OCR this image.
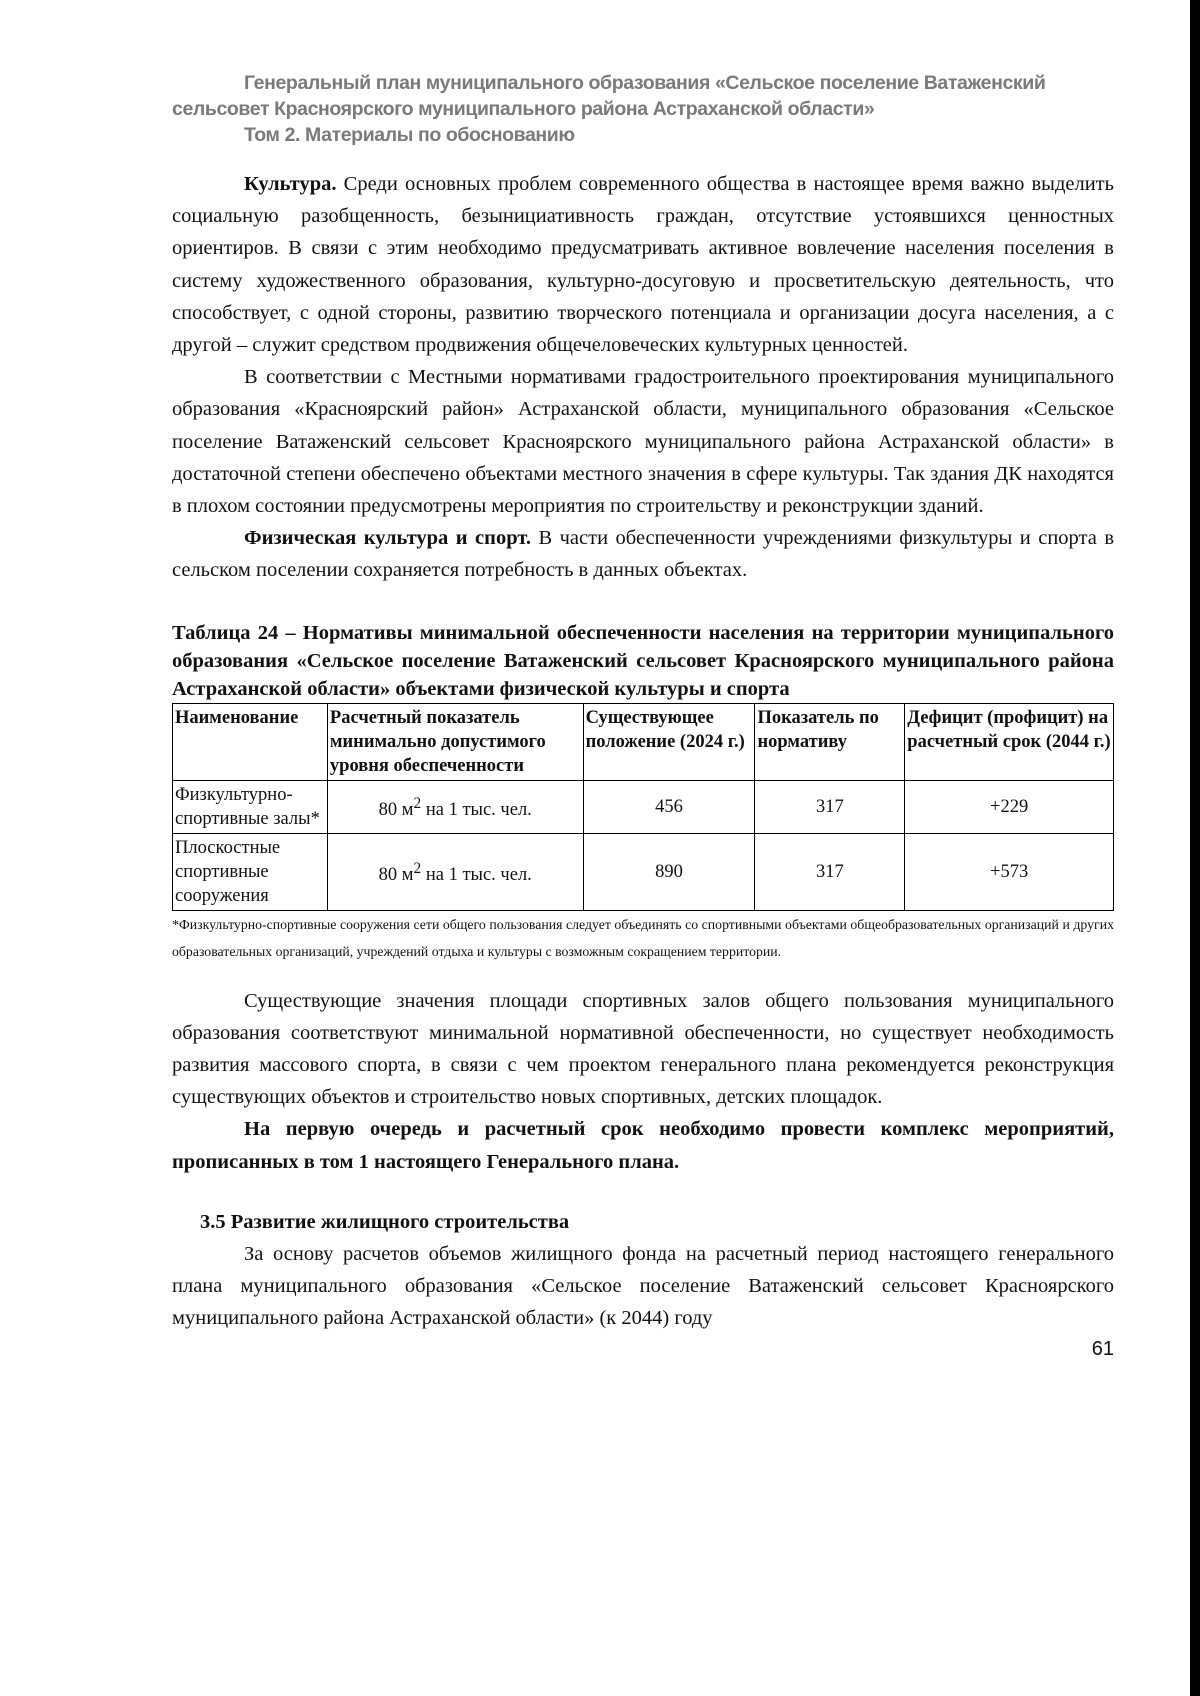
Генеральный план муниципального образования «Сельское поселение Ватаженский
сельсовет Красноярского муниципального района Астраханской области»
Том 2. Материалы по обоснованию

Культура. Среди основных проблем современного общества в настоящее время важно выделить социальную разобщенность, безынициативность граждан, отсутствие устоявшихся ценностных ориентиров. В связи с этим необходимо предусматривать активное вовлечение населения поселения в систему художественного образования, культурно-досуговую и просветительскую деятельность, что способствует, с одной стороны, развитию творческого потенциала и организации досуга населения, а с другой – служит средством продвижения общечеловеческих культурных ценностей.

В соответствии с Местными нормативами градостроительного проектирования муниципального образования «Красноярский район» Астраханской области, муниципального образования «Сельское поселение Ватаженский сельсовет Красноярского муниципального района Астраханской области» в достаточной степени обеспечено объектами местного значения в сфере культуры. Так здания ДК находятся в плохом состоянии предусмотрены мероприятия по строительству и реконструкции зданий.

Физическая культура и спорт. В части обеспеченности учреждениями физкультуры и спорта в сельском поселении сохраняется потребность в данных объектах.

Таблица 24 – Нормативы минимальной обеспеченности населения на территории муниципального образования «Сельское поселение Ватаженский сельсовет Красноярского муниципального района Астраханской области» объектами физической культуры и спорта
Наименование	Расчетный показатель минимально допустимого уровня обеспеченности	Существующее положение (2024 г.)	Показатель по нормативу	Дефицит (профицит) на расчетный срок (2044 г.)
Физкультурно-спортивные залы*	80 $м^2$ на 1 тыс. чел.	456	317	+229
Плоскостные спортивные сооружения	80 $м^2$ на 1 тыс. чел.	890	317	+573
*Физкультурно-спортивные сооружения сети общего пользования следует объединять со спортивными объектами общеобразовательных организаций и других образовательных организаций, учреждений отдыха и культуры с возможным сокращением территории.

Существующие значения площади спортивных залов общего пользования муниципального образования соответствуют минимальной нормативной обеспеченности, но существует необходимость развития массового спорта, в связи с чем проектом генерального плана рекомендуется реконструкция существующих объектов и строительство новых спортивных, детских площадок.

На первую очередь и расчетный срок необходимо провести комплекс мероприятий, прописанных в том 1 настоящего Генерального плана.

3.5 Развитие жилищного строительства

За основу расчетов объемов жилищного фонда на расчетный период настоящего генерального плана муниципального образования «Сельское поселение Ватаженский сельсовет Красноярского муниципального района Астраханской области» (к 2044) году

61
